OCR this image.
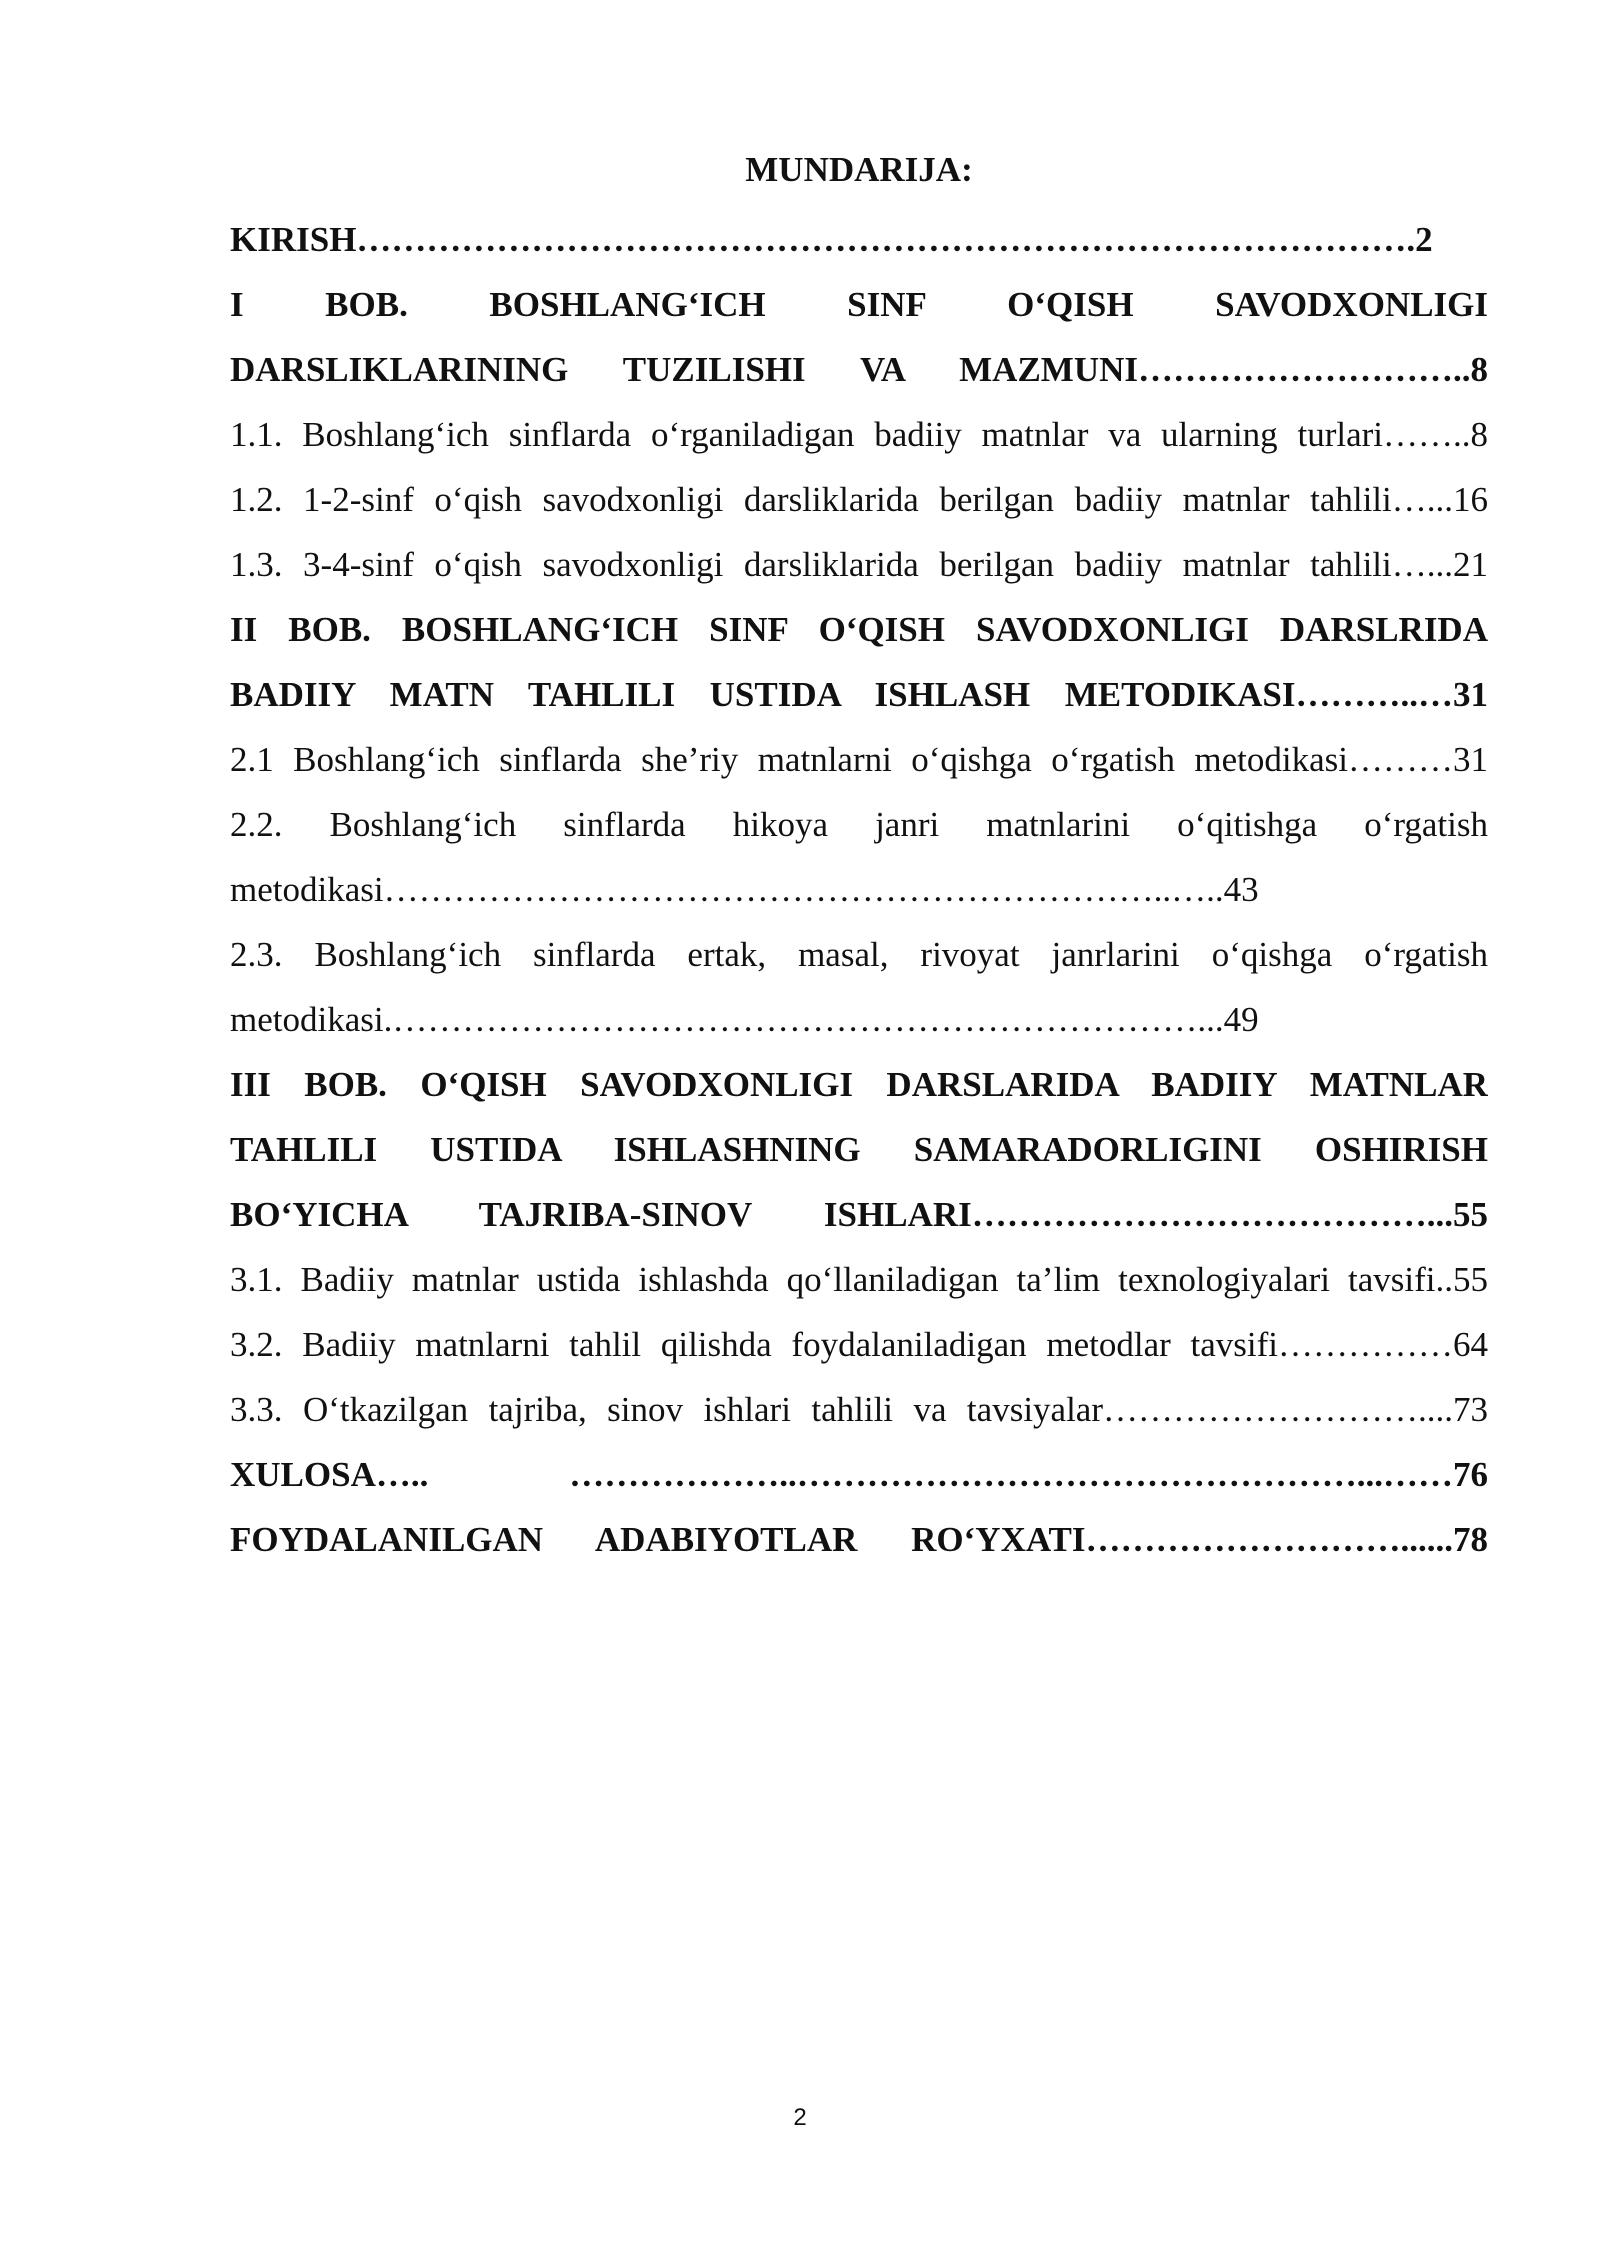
MUNDARIJA:
KIRISH……………………………………………………………………………….2
I BOB. BOSHLANG‘ICH SINF O‘QISH SAVODXONLIGI
DARSLIKLARINING TUZILISHI VA MAZMUNI………………………..8
1.1. Boshlang‘ich sinflarda o‘rganiladigan badiiy matnlar va ularning turlari……..8
1.2. 1-2-sinf o‘qish savodxonligi darsliklarida berilgan badiiy matnlar tahlili…...16
1.3. 3-4-sinf o‘qish savodxonligi darsliklarida berilgan badiiy matnlar tahlili…...21
II BOB. BOSHLANG‘ICH SINF O‘QISH SAVODXONLIGI DARSLRIDA
BADIIY MATN TAHLILI USTIDA ISHLASH METODIKASI………..…31
2.1 Boshlang‘ich sinflarda she’riy matnlarni o‘qishga o‘rgatish metodikasi………31
2.2. Boshlang‘ich sinflarda hikoya janri matnlarini o‘qitishga o‘rgatish
metodikasi…………………………………………………………..…..43
2.3. Boshlang‘ich sinflarda ertak, masal, rivoyat janrlarini o‘qishga o‘rgatish
metodikasi.……………………………………………………………...49
III BOB. O‘QISH SAVODXONLIGI DARSLARIDA BADIIY MATNLAR
TAHLILI USTIDA ISHLASHNING SAMARADORLIGINI OSHIRISH
BO‘YICHA TAJRIBA-SINOV ISHLARI…………………………………...55
3.1. Badiiy matnlar ustida ishlashda qo‘llaniladigan ta’lim texnologiyalari tavsifi..55
3.2. Badiiy matnlarni tahlil qilishda foydalaniladigan metodlar tavsifi……………64
3.3. O‘tkazilgan tajriba, sinov ishlari tahlili va tavsiyalar………………………....73
XULOSA….. ………………..…………………………………………...……76
FOYDALANILGAN ADABIYOTLAR RO‘YXATI………………………......78
2
